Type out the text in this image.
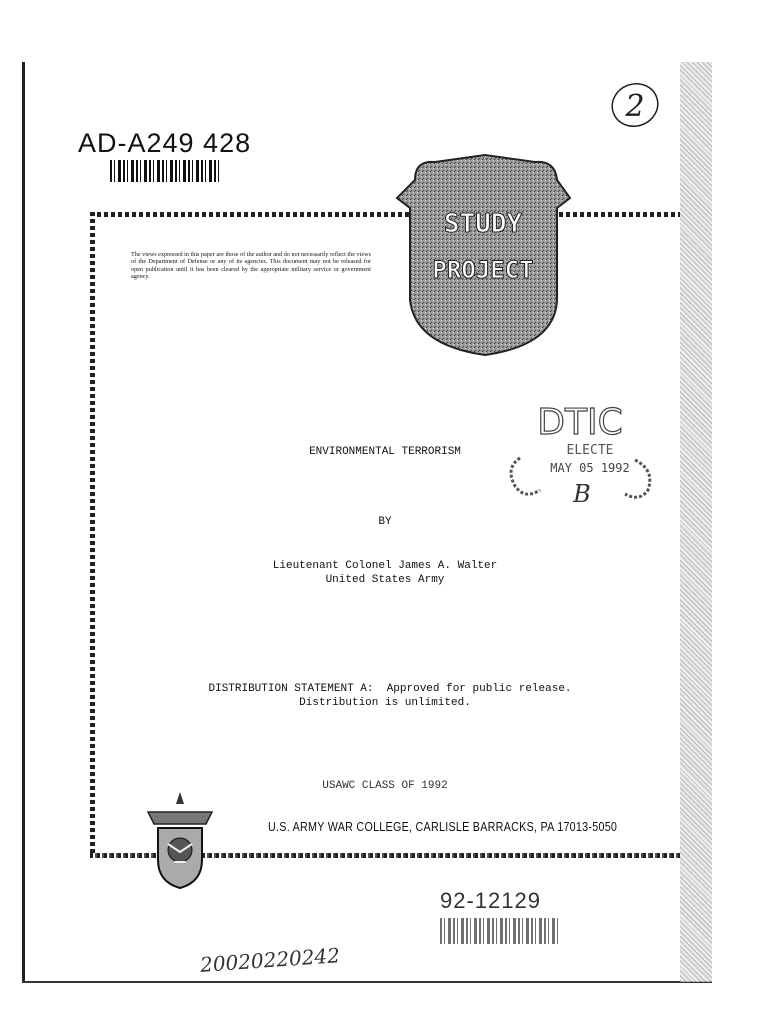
2
AD-A249 428
The views expressed in this paper are those of the author and do not necessarily reflect the views of the Department of Defense or any of its agencies. This document may not be released for open publication until it has been cleared by the appropriate military service or government agency.
STUDY
PROJECT
DTIC
ELECTE
MAY 05 1992
B
ENVIRONMENTAL TERRORISM
BY
Lieutenant Colonel James A. Walter
United States Army
DISTRIBUTION STATEMENT A:  Approved for public release.
Distribution is unlimited.
USAWC CLASS OF 1992
U.S. ARMY WAR COLLEGE, CARLISLE BARRACKS, PA 17013-5050
92-12129
20020220242
